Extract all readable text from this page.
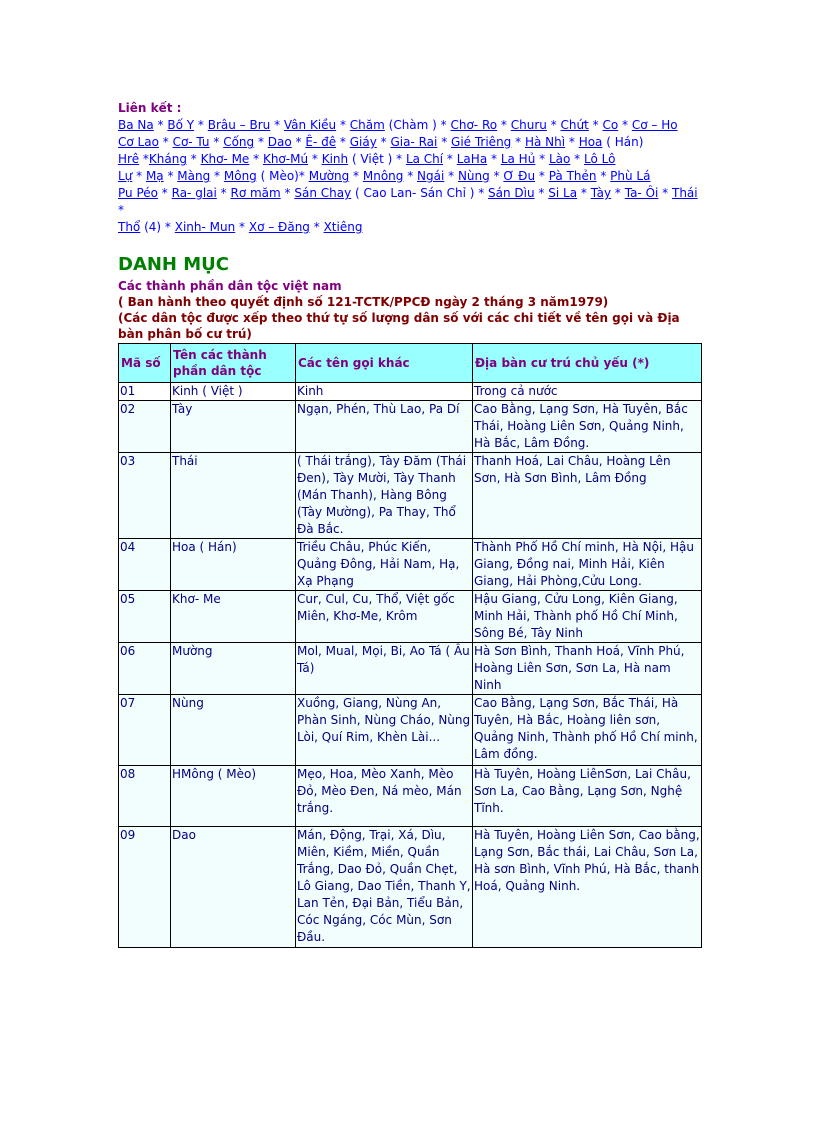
Liên kết :

Ba Na * Bố Y * Brâu – Bru * Vân Kiều * Chăm (Chàm ) * Chơ- Ro * Churu * Chứt * Co * Cơ – Ho

Cơ Lao * Cơ- Tu * Cống * Dao * Ê- đê * Giáy * Gia- Rai * Gié Triêng * Hà Nhì * Hoa ( Hán)

Hrê *Kháng * Khơ- Me * Khơ-Mú * Kinh ( Việt ) * La Chí * LaHa * La Hủ * Lào * Lô Lô

Lự * Mạ * Màng * Mông ( Mèo)* Mường * Mnông * Ngái * Nùng * Ơ Đu * Pà Thẻn * Phù Lá

Pu Péo * Ra- glai * Rơ măm * Sán Chay ( Cao Lan- Sán Chỉ ) * Sán Dìu * Si La * Tày * Ta- Ôi * Thái *

Thổ (4) * Xinh- Mun * Xơ – Đăng * Xtiêng

DANH MỤC

Các thành phần dân tộc việt nam

( Ban hành theo quyết định số 121-TCTK/PPCĐ ngày 2 tháng 3 năm1979)

(Các dân tộc được xếp theo thứ tự số lượng dân số với các chi tiết về tên gọi và Địa bàn phân bố cư trú)

Mã số	Tên các thành phần dân tộc	Các tên gọi khác	Địa bàn cư trú chủ yếu (*)
01	Kinh ( Việt )	Kinh	Trong cả nước
02	Tày	Ngạn, Phén, Thù Lao, Pa Dí	Cao Bằng, Lạng Sơn, Hà Tuyên, Bắc Thái, Hoàng Liên Sơn, Quảng Ninh, Hà Bắc, Lâm Đồng.
03	Thái	( Thái trắng), Tày Đăm (Thái Đen), Tày Mười, Tày Thanh (Mán Thanh), Hàng Bông (Tày Mường), Pa Thay, Thổ Đà Bắc.	Thanh Hoá, Lai Châu, Hoàng Lên Sơn, Hà Sơn Bình, Lâm Đồng
04	Hoa ( Hán)	Triều Châu, Phúc Kiến, Quảng Đông, Hải Nam, Hạ, Xạ Phạng	Thành Phố Hồ Chí minh, Hà Nội, Hậu Giang, Đồng nai, Minh Hải, Kiên Giang, Hải Phòng,Cửu Long.
05	Khơ- Me	Cur, Cul, Cu, Thổ, Việt gốc Miên, Khơ-Me, Krôm	Hậu Giang, Cửu Long, Kiên Giang, Minh Hải, Thành phố Hồ Chí Minh, Sông Bé, Tây Ninh
06	Mường	Mol, Mual, Mọi, Bi, Ao Tá ( Âu Tá)	Hà Sơn Bình, Thanh Hoá, Vĩnh Phú, Hoàng Liên Sơn, Sơn La, Hà nam Ninh
07	Nùng	Xuồng, Giang, Nùng An, Phàn Sinh, Nùng Cháo, Nùng Lòi, Quí Rim, Khèn Lài...	Cao Bằng, Lạng Sơn, Bắc Thái, Hà Tuyên, Hà Bắc, Hoàng liên sơn, Quảng Ninh, Thành phố Hồ Chí minh, Lâm đồng.
08	HMông ( Mèo)	Mẹo, Hoa, Mèo Xanh, Mèo Đỏ, Mèo Đen, Ná mèo, Mán trắng.	Hà Tuyên, Hoàng LiênSơn, Lai Châu, Sơn La, Cao Bằng, Lạng Sơn, Nghệ Tĩnh.
09	Dao	Mán, Động, Trại, Xá, Dìu, Miên, Kiềm, Miền, Quần Trắng, Dao Đỏ, Quần Chẹt, Lô Giang, Dao Tiền, Thanh Y, Lan Tẻn, Đại Bản, Tiểu Bản, Cóc Ngáng, Cóc Mùn, Sơn Đầu.	Hà Tuyên, Hoàng Liên Sơn, Cao bằng, Lạng Sơn, Bắc thái, Lai Châu, Sơn La, Hà sơn Bình, Vĩnh Phú, Hà Bắc, thanh Hoá, Quảng Ninh.
